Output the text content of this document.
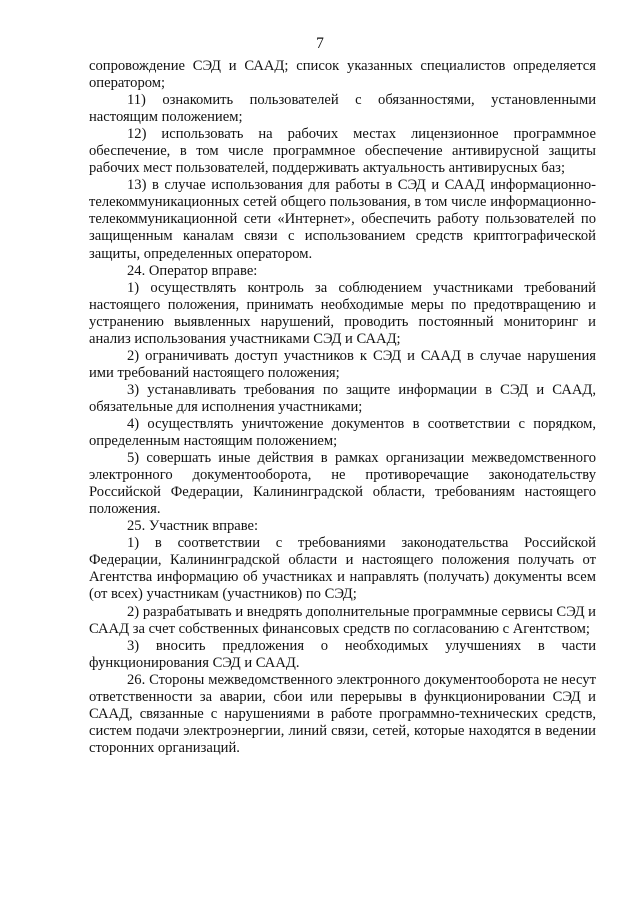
7

сопровождение СЭД и СААД; список указанных специалистов определяется оператором;

11) ознакомить пользователей с обязанностями, установленными настоящим положением;

12) использовать на рабочих местах лицензионное программное обеспечение, в том числе программное обеспечение антивирусной защиты рабочих мест пользователей, поддерживать актуальность антивирусных баз;

13) в случае использования для работы в СЭД и СААД информационно-телекоммуникационных сетей общего пользования, в том числе информационно-телекоммуникационной сети «Интернет», обеспечить работу пользователей по защищенным каналам связи с использованием средств криптографической защиты, определенных оператором.

24. Оператор вправе:

1) осуществлять контроль за соблюдением участниками требований настоящего положения, принимать необходимые меры по предотвращению и устранению выявленных нарушений, проводить постоянный мониторинг и анализ использования участниками СЭД и СААД;

2) ограничивать доступ участников к СЭД и СААД в случае нарушения ими требований настоящего положения;

3) устанавливать требования по защите информации в СЭД и СААД, обязательные для исполнения участниками;

4) осуществлять уничтожение документов в соответствии с порядком, определенным настоящим положением;

5) совершать иные действия в рамках организации межведомственного электронного документооборота, не противоречащие законодательству Российской Федерации, Калининградской области, требованиям настоящего положения.

25. Участник вправе:

1) в соответствии с требованиями законодательства Российской Федерации, Калининградской области и настоящего положения получать от Агентства информацию об участниках и направлять (получать) документы всем (от всех) участникам (участников) по СЭД;

2) разрабатывать и внедрять дополнительные программные сервисы СЭД и СААД за счет собственных финансовых средств по согласованию с Агентством;

3) вносить предложения о необходимых улучшениях в части функционирования СЭД и СААД.

26. Стороны межведомственного электронного документооборота не несут ответственности за аварии, сбои или перерывы в функционировании СЭД и СААД, связанные с нарушениями в работе программно-технических средств, систем подачи электроэнергии, линий связи, сетей, которые находятся в ведении сторонних организаций.
